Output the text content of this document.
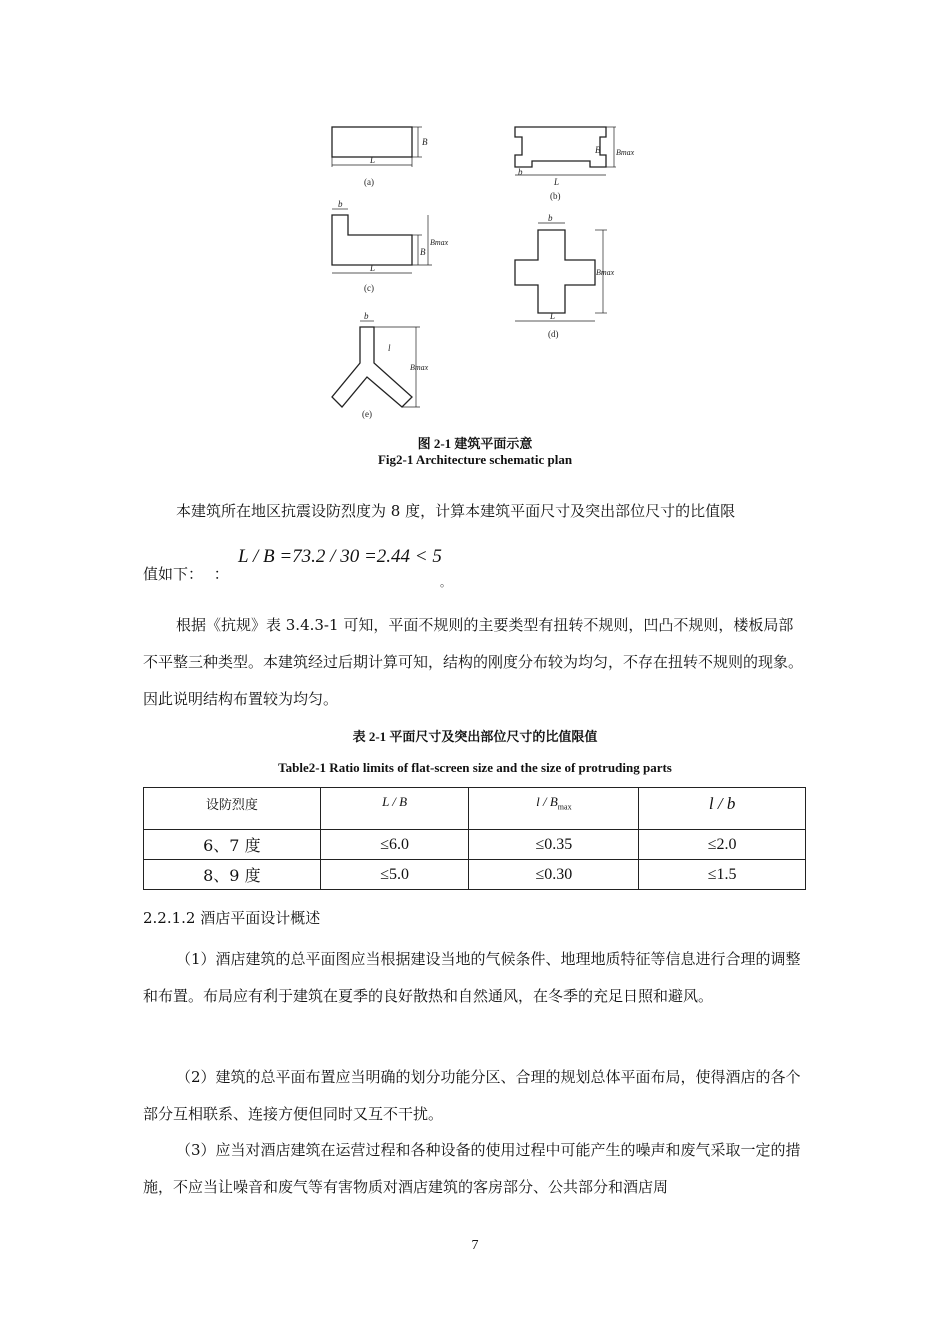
L
B
(a)
B Bmax
b
L
(b)
b
B
Bmax
L
(c)
b
Bmax
L
(d)
b
l
Bmax
(e)
图 2-1 建筑平面示意
Fig2-1 Architecture schematic plan
本建筑所在地区抗震设防烈度为 8 度，计算本建筑平面尺寸及突出部位尺寸的比值限
值如下： ：
L / B =73.2 / 30 =2.44 < 5
。
根据《抗规》表 3.4.3-1 可知，平面不规则的主要类型有扭转不规则，凹凸不规则，楼板局部不平整三种类型。本建筑经过后期计算可知，结构的刚度分布较为均匀，不存在扭转不规则的现象。因此说明结构布置较为均匀。
表 2-1 平面尺寸及突出部位尺寸的比值限值
Table2-1 Ratio limits of flat-screen size and the size of protruding parts
设防烈度	L / B	l / $B_{max}$	l / b
6、7 度	≤6.0	≤0.35	≤2.0
8、9 度	≤5.0	≤0.30	≤1.5
2.2.1.2 酒店平面设计概述
（1）酒店建筑的总平面图应当根据建设当地的气候条件、地理地质特征等信息进行合理的调整和布置。布局应有利于建筑在夏季的良好散热和自然通风，在冬季的充足日照和避风。
（2）建筑的总平面布置应当明确的划分功能分区、合理的规划总体平面布局，使得酒店的各个部分互相联系、连接方便但同时又互不干扰。
（3）应当对酒店建筑在运营过程和各种设备的使用过程中可能产生的噪声和废气采取一定的措施，不应当让噪音和废气等有害物质对酒店建筑的客房部分、公共部分和酒店周
7
